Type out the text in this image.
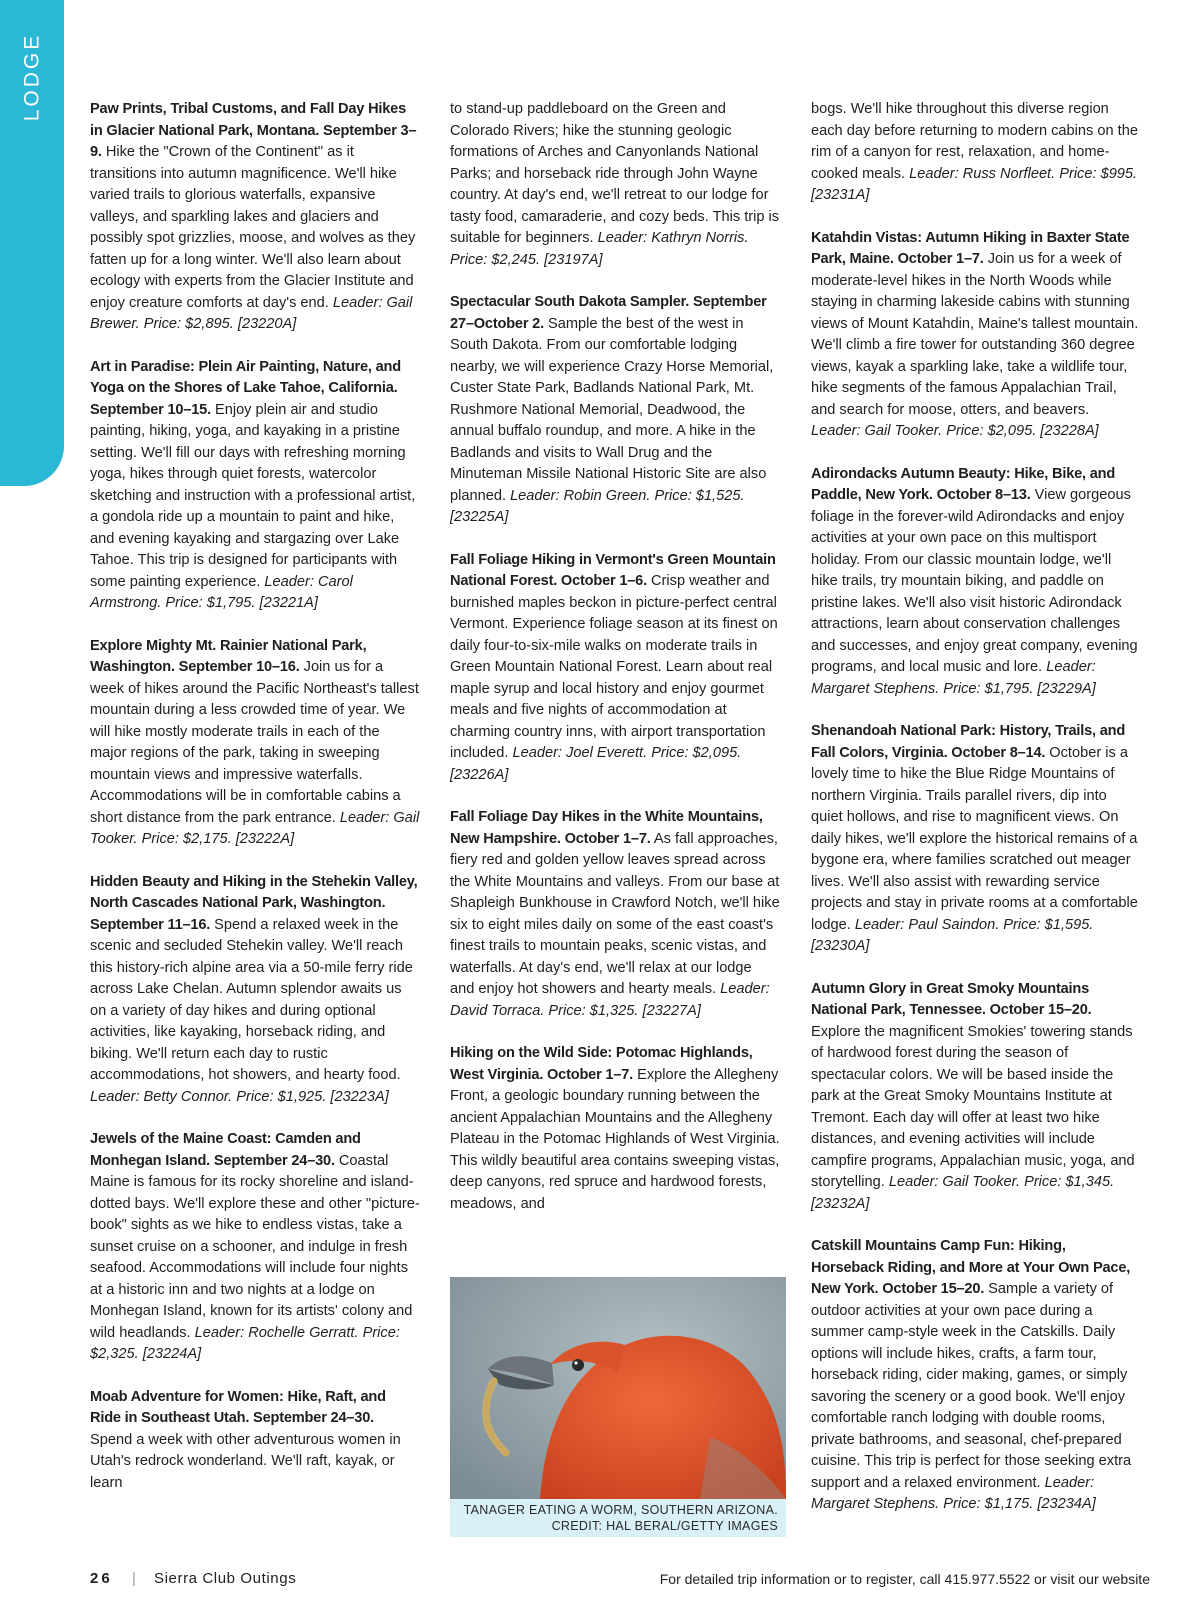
LODGE	Paw Prints, Tribal Customs, and Fall Day Hikes in Glacier National Park, Montana. September 3–9. Hike the "Crown of the Continent" as it transitions into autumn magnificence. We'll hike varied trails to glorious waterfalls, expansive valleys, and sparkling lakes and glaciers and possibly spot grizzlies, moose, and wolves as they fatten up for a long winter. We'll also learn about ecology with experts from the Glacier Institute and enjoy creature comforts at day's end. Leader: Gail Brewer. Price: $2,895. [23220A]

Art in Paradise: Plein Air Painting, Nature, and Yoga on the Shores of Lake Tahoe, California. September 10–15. Enjoy plein air and studio painting, hiking, yoga, and kayaking in a pristine setting. We'll fill our days with refreshing morning yoga, hikes through quiet forests, watercolor sketching and instruction with a professional artist, a gondola ride up a mountain to paint and hike, and evening kayaking and stargazing over Lake Tahoe. This trip is designed for participants with some painting experience. Leader: Carol Armstrong. Price: $1,795. [23221A]

Explore Mighty Mt. Rainier National Park, Washington. September 10–16. Join us for a week of hikes around the Pacific Northeast's tallest mountain during a less crowded time of year. We will hike mostly moderate trails in each of the major regions of the park, taking in sweeping mountain views and impressive waterfalls. Accommodations will be in comfortable cabins a short distance from the park entrance. Leader: Gail Tooker. Price: $2,175. [23222A]

Hidden Beauty and Hiking in the Stehekin Valley, North Cascades National Park, Washington. September 11–16. Spend a relaxed week in the scenic and secluded Stehekin valley. We'll reach this history-rich alpine area via a 50-mile ferry ride across Lake Chelan. Autumn splendor awaits us on a variety of day hikes and during optional activities, like kayaking, horseback riding, and biking. We'll return each day to rustic accommodations, hot showers, and hearty food. Leader: Betty Connor. Price: $1,925. [23223A]

Jewels of the Maine Coast: Camden and Monhegan Island. September 24–30. Coastal Maine is famous for its rocky shoreline and island-dotted bays. We'll explore these and other "picture-book" sights as we hike to endless vistas, take a sunset cruise on a schooner, and indulge in fresh seafood. Accommodations will include four nights at a historic inn and two nights at a lodge on Monhegan Island, known for its artists' colony and wild headlands. Leader: Rochelle Gerratt. Price: $2,325. [23224A]

Moab Adventure for Women: Hike, Raft, and Ride in Southeast Utah. September 24–30. Spend a week with other adventurous women in Utah's redrock wonderland. We'll raft, kayak, or learn

to stand-up paddleboard on the Green and Colorado Rivers; hike the stunning geologic formations of Arches and Canyonlands National Parks; and horseback ride through John Wayne country. At day's end, we'll retreat to our lodge for tasty food, camaraderie, and cozy beds. This trip is suitable for beginners. Leader: Kathryn Norris. Price: $2,245. [23197A]

Spectacular South Dakota Sampler. September 27–October 2. Sample the best of the west in South Dakota. From our comfortable lodging nearby, we will experience Crazy Horse Memorial, Custer State Park, Badlands National Park, Mt. Rushmore National Memorial, Deadwood, the annual buffalo roundup, and more. A hike in the Badlands and visits to Wall Drug and the Minuteman Missile National Historic Site are also planned. Leader: Robin Green. Price: $1,525. [23225A]

Fall Foliage Hiking in Vermont's Green Mountain National Forest. October 1–6. Crisp weather and burnished maples beckon in picture-perfect central Vermont. Experience foliage season at its finest on daily four-to-six-mile walks on moderate trails in Green Mountain National Forest. Learn about real maple syrup and local history and enjoy gourmet meals and five nights of accommodation at charming country inns, with airport transportation included. Leader: Joel Everett. Price: $2,095. [23226A]

Fall Foliage Day Hikes in the White Mountains, New Hampshire. October 1–7. As fall approaches, fiery red and golden yellow leaves spread across the White Mountains and valleys. From our base at Shapleigh Bunkhouse in Crawford Notch, we'll hike six to eight miles daily on some of the east coast's finest trails to mountain peaks, scenic vistas, and waterfalls. At day's end, we'll relax at our lodge and enjoy hot showers and hearty meals. Leader: David Torraca. Price: $1,325. [23227A]

Hiking on the Wild Side: Potomac Highlands, West Virginia. October 1–7. Explore the Allegheny Front, a geologic boundary running between the ancient Appalachian Mountains and the Allegheny Plateau in the Potomac Highlands of West Virginia. This wildly beautiful area contains sweeping vistas, deep canyons, red spruce and hardwood forests, meadows, and

TANAGER EATING A WORM, SOUTHERN ARIZONA.
CREDIT: HAL BERAL/GETTY IMAGES

bogs. We'll hike throughout this diverse region each day before returning to modern cabins on the rim of a canyon for rest, relaxation, and home-cooked meals. Leader: Russ Norfleet. Price: $995. [23231A]

Katahdin Vistas: Autumn Hiking in Baxter State Park, Maine. October 1–7. Join us for a week of moderate-level hikes in the North Woods while staying in charming lakeside cabins with stunning views of Mount Katahdin, Maine's tallest mountain. We'll climb a fire tower for outstanding 360 degree views, kayak a sparkling lake, take a wildlife tour, hike segments of the famous Appalachian Trail, and search for moose, otters, and beavers. Leader: Gail Tooker. Price: $2,095. [23228A]

Adirondacks Autumn Beauty: Hike, Bike, and Paddle, New York. October 8–13. View gorgeous foliage in the forever-wild Adirondacks and enjoy activities at your own pace on this multisport holiday. From our classic mountain lodge, we'll hike trails, try mountain biking, and paddle on pristine lakes. We'll also visit historic Adirondack attractions, learn about conservation challenges and successes, and enjoy great company, evening programs, and local music and lore. Leader: Margaret Stephens. Price: $1,795. [23229A]

Shenandoah National Park: History, Trails, and Fall Colors, Virginia. October 8–14. October is a lovely time to hike the Blue Ridge Mountains of northern Virginia. Trails parallel rivers, dip into quiet hollows, and rise to magnificent views. On daily hikes, we'll explore the historical remains of a bygone era, where families scratched out meager lives. We'll also assist with rewarding service projects and stay in private rooms at a comfortable lodge. Leader: Paul Saindon. Price: $1,595. [23230A]

Autumn Glory in Great Smoky Mountains National Park, Tennessee. October 15–20. Explore the magnificent Smokies' towering stands of hardwood forest during the season of spectacular colors. We will be based inside the park at the Great Smoky Mountains Institute at Tremont. Each day will offer at least two hike distances, and evening activities will include campfire programs, Appalachian music, yoga, and storytelling. Leader: Gail Tooker. Price: $1,345. [23232A]

Catskill Mountains Camp Fun: Hiking, Horseback Riding, and More at Your Own Pace, New York. October 15–20. Sample a variety of outdoor activities at your own pace during a summer camp-style week in the Catskills. Daily options will include hikes, crafts, a farm tour, horseback riding, cider making, games, or simply savoring the scenery or a good book. We'll enjoy comfortable ranch lodging with double rooms, private bathrooms, and seasonal, chef-prepared cuisine. This trip is perfect for those seeking extra support and a relaxed environment. Leader: Margaret Stephens. Price: $1,175. [23234A]

26 | Sierra Club Outings	For detailed trip information or to register, call 415.977.5522 or visit our website
